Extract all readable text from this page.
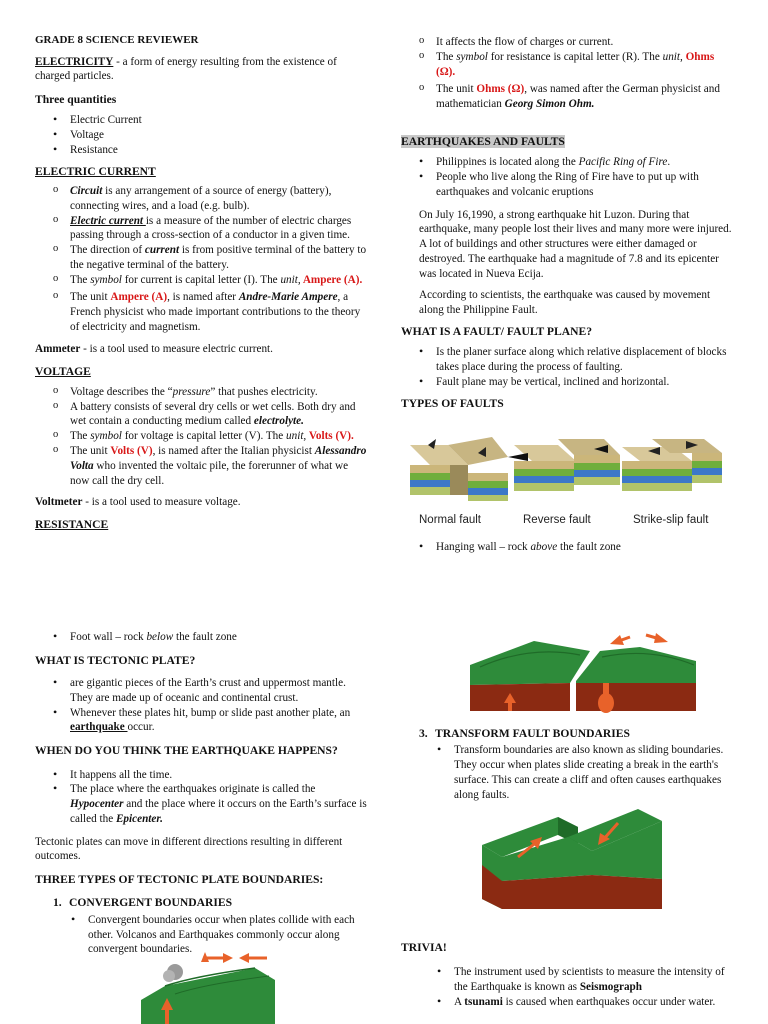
GRADE 8 SCIENCE REVIEWER

ELECTRICITY - a form of energy resulting from the existence of charged particles.

Three quantities

• Electric Current
• Voltage
• Resistance

ELECTRIC CURRENT

o Circuit is any arrangement of a source of energy (battery), connecting wires, and a load (e.g. bulb).
o Electric current is a measure of the number of electric charges passing through a cross-section of a conductor in a given time.
o The direction of current is from positive terminal of the battery to the negative terminal of the battery.
o The symbol for current is capital letter (I). The unit, Ampere (A).
o The unit Ampere (A), is named after Andre-Marie Ampere, a French physicist who made important contributions to the theory of electricity and magnetism.

Ammeter - is a tool used to measure electric current.

VOLTAGE

o Voltage describes the “pressure” that pushes electricity.
o A battery consists of several dry cells or wet cells. Both dry and wet contain a conducting medium called electrolyte.
o The symbol for voltage is capital letter (V). The unit, Volts (V).
o The unit Volts (V), is named after the Italian physicist Alessandro Volta who invented the voltaic pile, the forerunner of what we now call the dry cell.

Voltmeter - is a tool used to measure voltage.

RESISTANCE

o It affects the flow of charges or current.
o The symbol for resistance is capital letter (R). The unit, Ohms (Ω).
o The unit Ohms (Ω), was named after the German physicist and mathematician Georg Simon Ohm.

EARTHQUAKES AND FAULTS

• Philippines is located along the Pacific Ring of Fire.
• People who live along the Ring of Fire have to put up with earthquakes and volcanic eruptions

On July 16,1990, a strong earthquake hit Luzon. During that earthquake, many people lost their lives and many more were injured. A lot of buildings and other structures were either damaged or destroyed. The earthquake had a magnitude of 7.8 and its epicenter was located in Nueva Ecija.

According to scientists, the earthquake was caused by movement along the Philippine Fault.

WHAT IS A FAULT/ FAULT PLANE?

• Is the planer surface along which relative displacement of blocks takes place during the process of faulting.
• Fault plane may be vertical, inclined and horizontal.

TYPES OF FAULTS

Normal fault	Reverse fault	Strike-slip fault
• Hanging wall – rock above the fault zone
• Foot wall – rock below the fault zone

WHAT IS TECTONIC PLATE?

• are gigantic pieces of the Earth’s crust and uppermost mantle. They are made up of oceanic and continental crust.
• Whenever these plates hit, bump or slide past another plate, an earthquake occur.

WHEN DO YOU THINK THE EARTHQUAKE HAPPENS?

• It happens all the time.
• The place where the earthquakes originate is called the Hypocenter and the place where it occurs on the Earth’s surface is called the Epicenter.

Tectonic plates can move in different directions resulting in different outcomes.

THREE TYPES OF TECTONIC PLATE BOUNDARIES:

1. CONVERGENT BOUNDARIES

• Convergent boundaries occur when plates collide with each other. Volcanos and Earthquakes commonly occur along convergent boundaries.

3. TRANSFORM FAULT BOUNDARIES

• Transform boundaries are also known as sliding boundaries. They occur when plates slide creating a break in the earth's surface. This can create a cliff and often causes earthquakes along faults.

TRIVIA!

• The instrument used by scientists to measure the intensity of the Earthquake is known as Seismograph
• A tsunami is caused when earthquakes occur under water.
